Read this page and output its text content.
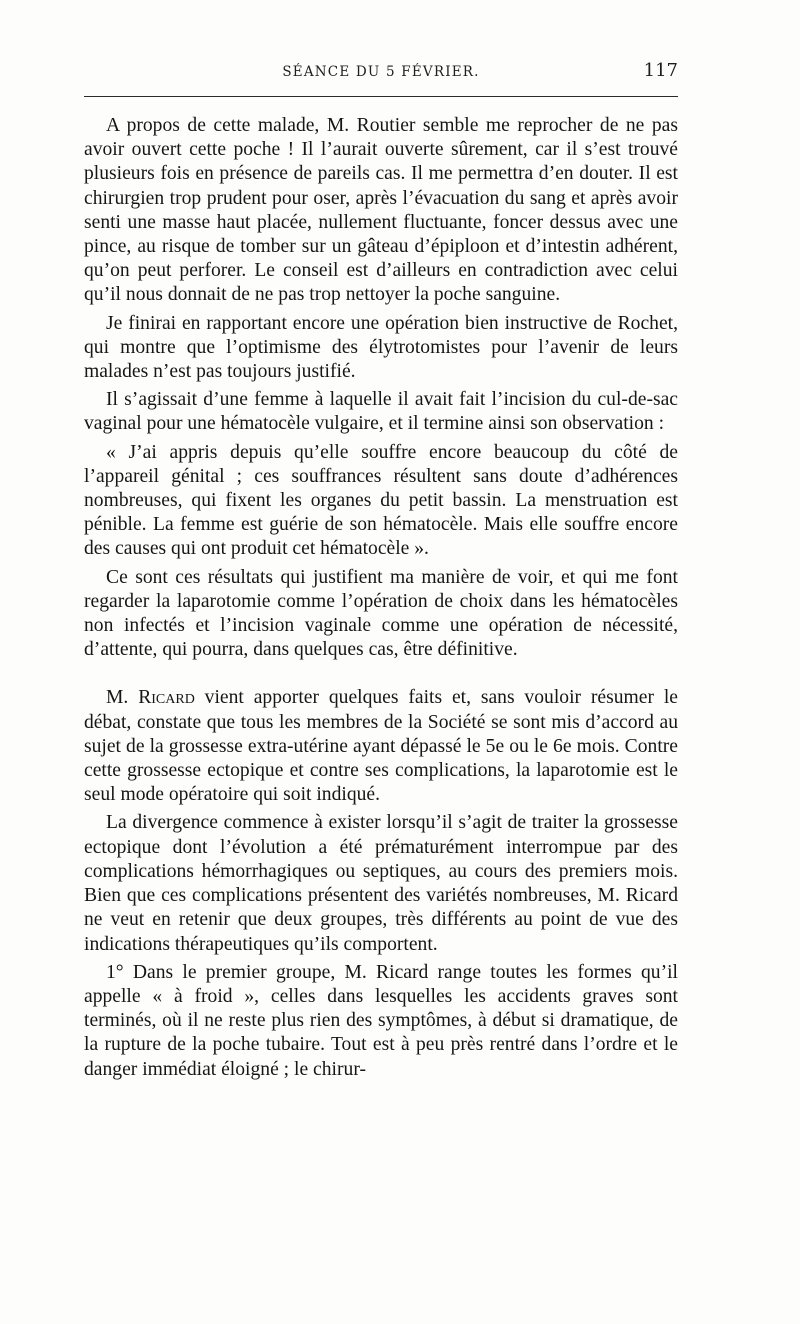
SÉANCE DU 5 FÉVRIER.	117

A propos de cette malade, M. Routier semble me reprocher de ne pas avoir ouvert cette poche ! Il l’aurait ouverte sûrement, car il s’est trouvé plusieurs fois en présence de pareils cas. Il me permettra d’en douter. Il est chirurgien trop prudent pour oser, après l’évacuation du sang et après avoir senti une masse haut placée, nullement fluctuante, foncer dessus avec une pince, au risque de tomber sur un gâteau d’épiploon et d’intestin adhérent, qu’on peut perforer. Le conseil est d’ailleurs en contradiction avec celui qu’il nous donnait de ne pas trop nettoyer la poche sanguine.

Je finirai en rapportant encore une opération bien instructive de Rochet, qui montre que l’optimisme des élytrotomistes pour l’avenir de leurs malades n’est pas toujours justifié.

Il s’agissait d’une femme à laquelle il avait fait l’incision du cul-de-sac vaginal pour une hématocèle vulgaire, et il termine ainsi son observation :

« J’ai appris depuis qu’elle souffre encore beaucoup du côté de l’appareil génital ; ces souffrances résultent sans doute d’adhérences nombreuses, qui fixent les organes du petit bassin. La menstruation est pénible. La femme est guérie de son hématocèle. Mais elle souffre encore des causes qui ont produit cet hématocèle ».

Ce sont ces résultats qui justifient ma manière de voir, et qui me font regarder la laparotomie comme l’opération de choix dans les hématocèles non infectés et l’incision vaginale comme une opération de nécessité, d’attente, qui pourra, dans quelques cas, être définitive.

M. Ricard vient apporter quelques faits et, sans vouloir résumer le débat, constate que tous les membres de la Société se sont mis d’accord au sujet de la grossesse extra-utérine ayant dépassé le 5e ou le 6e mois. Contre cette grossesse ectopique et contre ses complications, la laparotomie est le seul mode opératoire qui soit indiqué.

La divergence commence à exister lorsqu’il s’agit de traiter la grossesse ectopique dont l’évolution a été prématurément interrompue par des complications hémorrhagiques ou septiques, au cours des premiers mois. Bien que ces complications présentent des variétés nombreuses, M. Ricard ne veut en retenir que deux groupes, très différents au point de vue des indications thérapeutiques qu’ils comportent.

1° Dans le premier groupe, M. Ricard range toutes les formes qu’il appelle « à froid », celles dans lesquelles les accidents graves sont terminés, où il ne reste plus rien des symptômes, à début si dramatique, de la rupture de la poche tubaire. Tout est à peu près rentré dans l’ordre et le danger immédiat éloigné ; le chirur-
